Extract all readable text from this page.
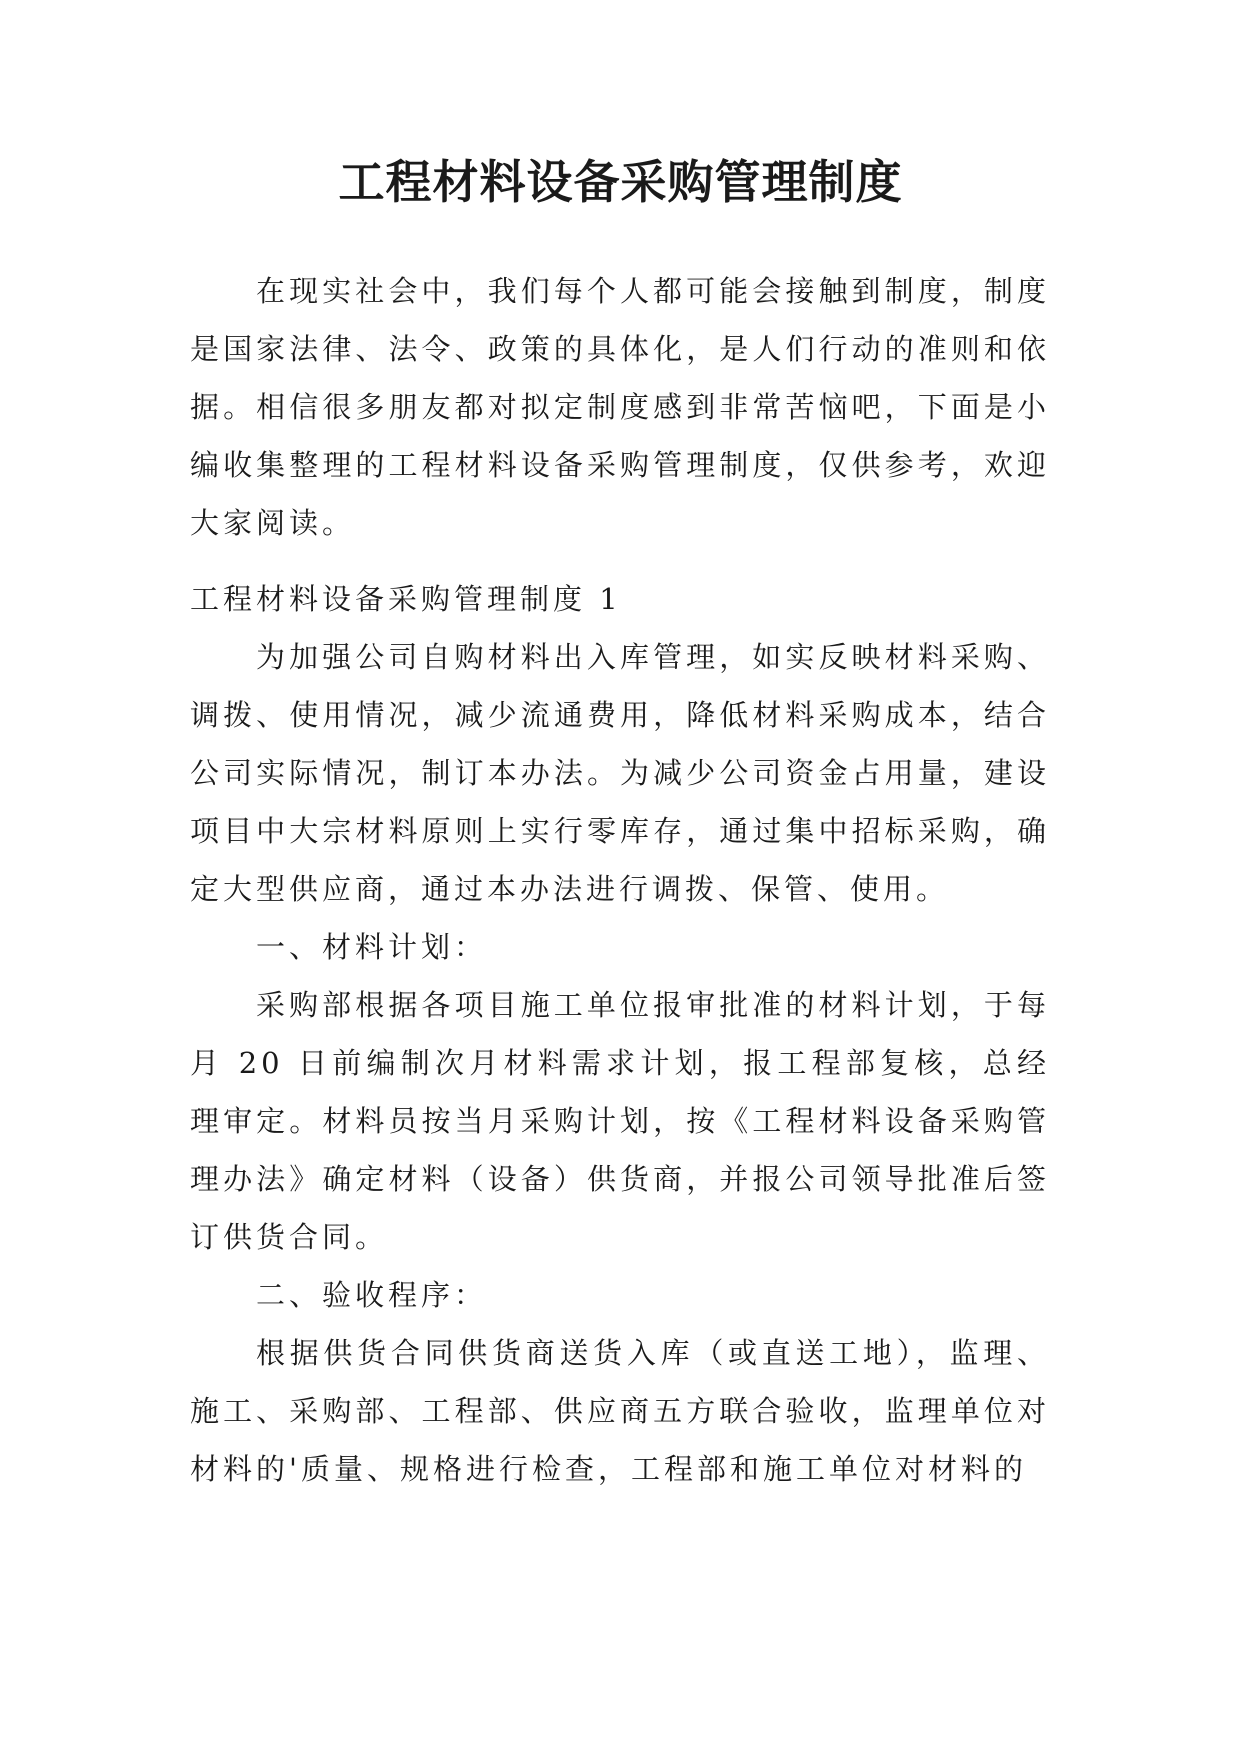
工程材料设备采购管理制度

在现实社会中，我们每个人都可能会接触到制度，制度是国家法律、法令、政策的具体化，是人们行动的准则和依据。相信很多朋友都对拟定制度感到非常苦恼吧，下面是小编收集整理的工程材料设备采购管理制度，仅供参考，欢迎大家阅读。

工程材料设备采购管理制度 1

为加强公司自购材料出入库管理，如实反映材料采购、调拨、使用情况，减少流通费用，降低材料采购成本，结合公司实际情况，制订本办法。为减少公司资金占用量，建设项目中大宗材料原则上实行零库存，通过集中招标采购，确定大型供应商，通过本办法进行调拨、保管、使用。

一、材料计划：

采购部根据各项目施工单位报审批准的材料计划，于每月 20 日前编制次月材料需求计划，报工程部复核，总经理审定。材料员按当月采购计划，按《工程材料设备采购管理办法》确定材料（设备）供货商，并报公司领导批准后签订供货合同。

二、验收程序：

根据供货合同供货商送货入库（或直送工地），监理、施工、采购部、工程部、供应商五方联合验收，监理单位对材料的'质量、规格进行检查，工程部和施工单位对材料的
